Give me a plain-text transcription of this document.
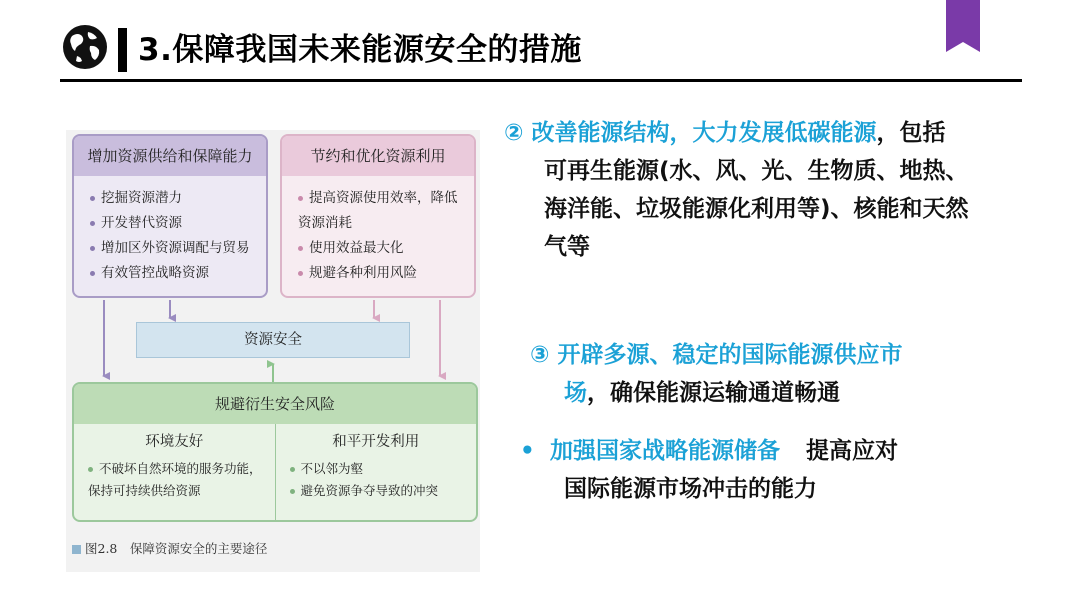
3.保障我国未来能源安全的措施
增加资源供给和保障能力
挖掘资源潜力
开发替代资源
增加区外资源调配与贸易
有效管控战略资源
节约和优化资源利用
提高资源使用效率，降低资源消耗
使用效益最大化
规避各种利用风险
资源安全
规避衍生安全风险
环境友好
不破坏自然环境的服务功能，保持可持续供给资源
和平开发利用
不以邻为壑
避免资源争夺导致的冲突
图2.8　保障资源安全的主要途径
② 改善能源结构，大力发展低碳能源，包括
可再生能源(水、风、光、生物质、地热、
海洋能、垃圾能源化利用等)、核能和天然
气等
③ 开辟多源、稳定的国际能源供应市
场，确保能源运输通道畅通
• 加强国家战略能源储备 提高应对
国际能源市场冲击的能力
